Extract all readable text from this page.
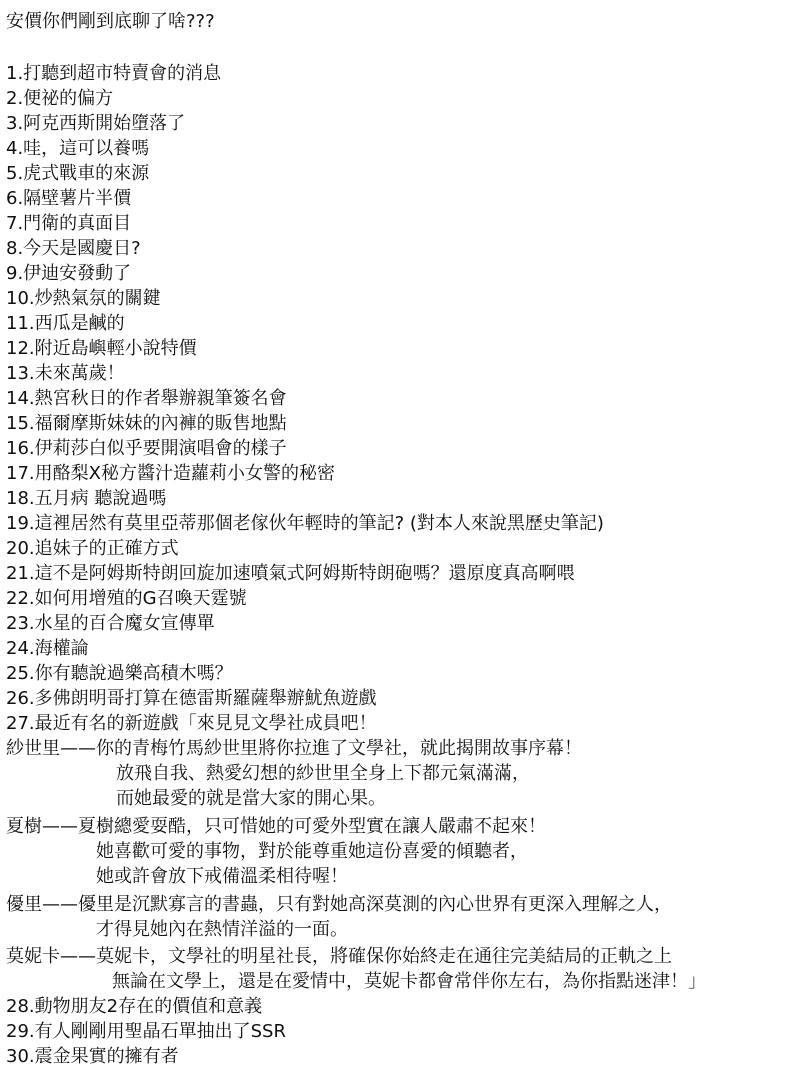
安價你們剛到底聊了啥???
1.打聽到超市特賣會的消息
2.便祕的偏方
3.阿克西斯開始墮落了
4.哇，這可以養嗎
5.虎式戰車的來源
6.隔壁薯片半價
7.門衛的真面目
8.今天是國慶日?
9.伊迪安發動了
10.炒熱氣氛的關鍵
11.西瓜是鹹的
12.附近島嶼輕小說特價
13.未來萬歲！
14.熱宮秋日的作者舉辦親筆簽名會
15.福爾摩斯妹妹的內褲的販售地點
16.伊莉莎白似乎要開演唱會的樣子
17.用酪梨X秘方醬汁造蘿莉小女警的秘密
18.五月病 聽說過嗎
19.這裡居然有莫里亞蒂那個老傢伙年輕時的筆記? (對本人來說黑歷史筆記)
20.追妹子的正確方式
21.這不是阿姆斯特朗回旋加速噴氣式阿姆斯特朗砲嗎？還原度真高啊喂
22.如何用增殖的G召喚天霆號
23.水星的百合魔女宣傳單
24.海權論
25.你有聽說過樂高積木嗎？
26.多佛朗明哥打算在德雷斯羅薩舉辦魷魚遊戲
27.最近有名的新遊戲「來見見文學社成員吧！
紗世里——你的青梅竹馬紗世里將你拉進了文學社，就此揭開故事序幕！
放飛自我、熱愛幻想的紗世里全身上下都元氣滿滿，
而她最愛的就是當大家的開心果。
夏樹——夏樹總愛耍酷，只可惜她的可愛外型實在讓人嚴肅不起來！
她喜歡可愛的事物，對於能尊重她這份喜愛的傾聽者，
她或許會放下戒備溫柔相待喔！
優里——優里是沉默寡言的書蟲，只有對她高深莫測的內心世界有更深入理解之人，
才得見她內在熱情洋溢的一面。
莫妮卡——莫妮卡，文學社的明星社長，將確保你始終走在通往完美結局的正軌之上
無論在文學上，還是在愛情中，莫妮卡都會常伴你左右，為你指點迷津！」
28.動物朋友2存在的價值和意義
29.有人剛剛用聖晶石單抽出了SSR
30.震金果實的擁有者
